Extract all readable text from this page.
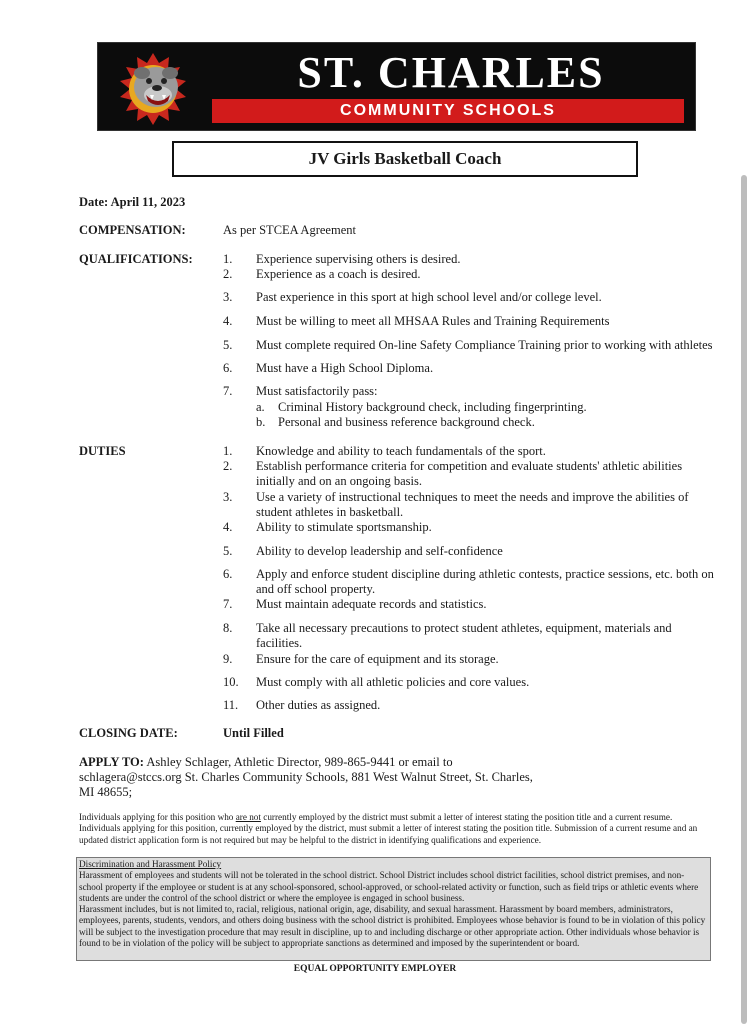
ST. CHARLES
COMMUNITY SCHOOLS
JV Girls Basketball Coach
Date: April 11, 2023
COMPENSATION:	As per STCEA Agreement
QUALIFICATIONS: 1. Experience supervising others is desired.
2. Experience as a coach is desired.
3. Past experience in this sport at high school level and/or college level.
4. Must be willing to meet all MHSAA Rules and Training Requirements
5. Must complete required On-line Safety Compliance Training prior to working with athletes
6. Must have a High School Diploma.
7. Must satisfactorily pass:
a. Criminal History background check, including fingerprinting.
b. Personal and business reference background check.
DUTIES	1. Knowledge and ability to teach fundamentals of the sport.
2. Establish performance criteria for competition and evaluate students' athletic abilities initially and on an ongoing basis.
3. Use a variety of instructional techniques to meet the needs and improve the abilities of student athletes in basketball.
4. Ability to stimulate sportsmanship.
5. Ability to develop leadership and self-confidence
6. Apply and enforce student discipline during athletic contests, practice sessions, etc. both on and off school property.
7. Must maintain adequate records and statistics.
8. Take all necessary precautions to protect student athletes, equipment, materials and facilities.
9. Ensure for the care of equipment and its storage.
10. Must comply with all athletic policies and core values.
11. Other duties as assigned.
CLOSING DATE:	Until Filled
APPLY TO: Ashley Schlager, Athletic Director, 989-865-9441 or email to
schlagera@stccs.org St. Charles Community Schools, 881 West Walnut Street, St. Charles,
MI 48655;
Individuals applying for this position who are not currently employed by the district must submit a letter of interest stating the position title and a current resume. Individuals applying for this position, currently employed by the district, must submit a letter of interest stating the position title. Submission of a current resume and an updated district application form is not required but may be helpful to the district in identifying qualifications and experience.
Discrimination and Harassment Policy
Harassment of employees and students will not be tolerated in the school district. School District includes school district facilities, school district premises, and non-school property if the employee or student is at any school-sponsored, school-approved, or school-related activity or function, such as field trips or athletic events where students are under the control of the school district or where the employee is engaged in school business.
Harassment includes, but is not limited to, racial, religious, national origin, age, disability, and sexual harassment. Harassment by board members, administrators, employees, parents, students, vendors, and others doing business with the school district is prohibited. Employees whose behavior is found to be in violation of this policy will be subject to the investigation procedure that may result in discipline, up to and including discharge or other appropriate action. Other individuals whose behavior is found to be in violation of the policy will be subject to appropriate sanctions as determined and imposed by the superintendent or board.
EQUAL OPPORTUNITY EMPLOYER
